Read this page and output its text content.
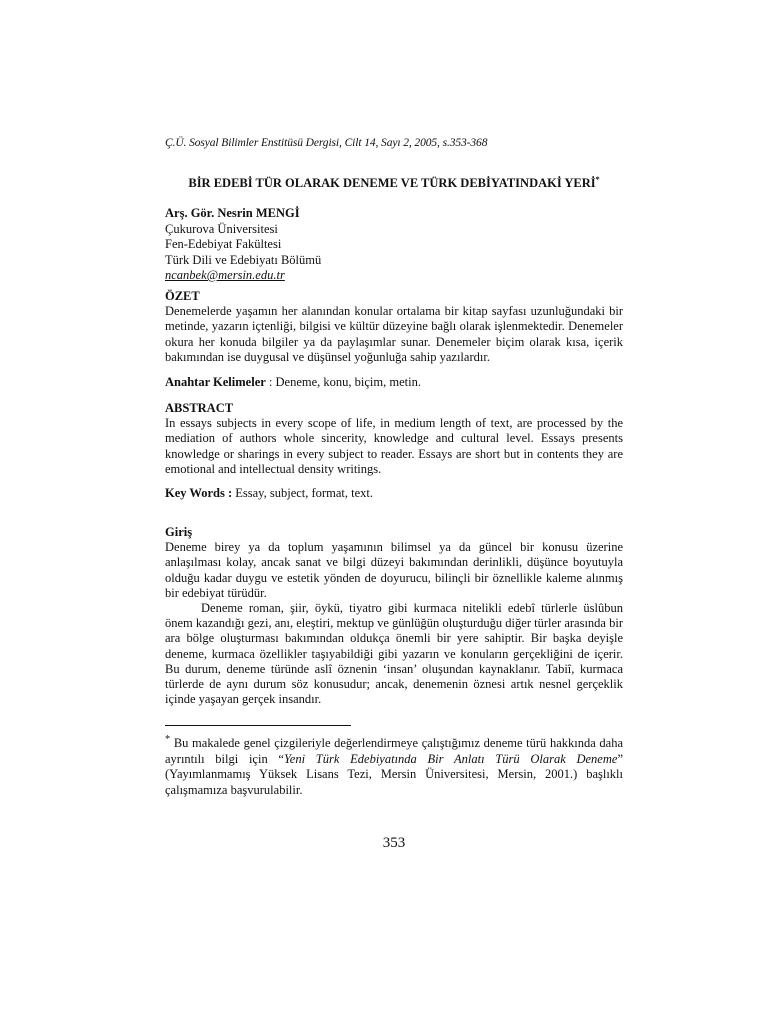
Ç.Ü. Sosyal Bilimler Enstitüsü Dergisi, Cilt 14, Sayı 2, 2005, s.353-368
BİR EDEBİ TÜR OLARAK DENEME VE TÜRK DEBİYATINDAKİ YERİ*
Arş. Gör. Nesrin MENGİ
Çukurova Üniversitesi
Fen-Edebiyat Fakültesi
Türk Dili ve Edebiyatı Bölümü
ncanbek@mersin.edu.tr
ÖZET
Denemelerde yaşamın her alanından konular ortalama bir kitap sayfası uzunluğundaki bir metinde, yazarın içtenliği, bilgisi ve kültür düzeyine bağlı olarak işlenmektedir. Denemeler okura her konuda bilgiler ya da paylaşımlar sunar. Denemeler biçim olarak kısa, içerik bakımından ise duygusal ve düşünsel yoğunluğa sahip yazılardır.
Anahtar Kelimeler : Deneme, konu, biçim, metin.
ABSTRACT
In essays subjects in every scope of life, in medium length of text, are processed by the mediation of authors whole sincerity, knowledge and cultural level. Essays presents knowledge or sharings in every subject to reader. Essays are short but in contents they are emotional and intellectual density writings.
Key Words : Essay, subject, format, text.
Giriş
Deneme birey ya da toplum yaşamının bilimsel ya da güncel bir konusu üzerine anlaşılması kolay, ancak sanat ve bilgi düzeyi bakımından derinlikli, düşünce boyutuyla olduğu kadar duygu ve estetik yönden de doyurucu, bilinçli bir öznellikle kaleme alınmış bir edebiyat türüdür.
Deneme roman, şiir, öykü, tiyatro gibi kurmaca nitelikli edebî türlerle üslûbun önem kazandığı gezi, anı, eleştiri, mektup ve günlüğün oluşturduğu diğer türler arasında bir ara bölge oluşturması bakımından oldukça önemli bir yere sahiptir. Bir başka deyişle deneme, kurmaca özellikler taşıyabildiği gibi yazarın ve konuların gerçekliğini de içerir. Bu durum, deneme türünde aslî öznenin ‘insan’ oluşundan kaynaklanır. Tabiî, kurmaca türlerde de aynı durum söz konusudur; ancak, denemenin öznesi artık nesnel gerçeklik içinde yaşayan gerçek insandır.
* Bu makalede genel çizgileriyle değerlendirmeye çalıştığımız deneme türü hakkında daha ayrıntılı bilgi için “Yeni Türk Edebiyatında Bir Anlatı Türü Olarak Deneme” (Yayımlanmamış Yüksek Lisans Tezi, Mersin Üniversitesi, Mersin, 2001.) başlıklı çalışmamıza başvurulabilir.
353
